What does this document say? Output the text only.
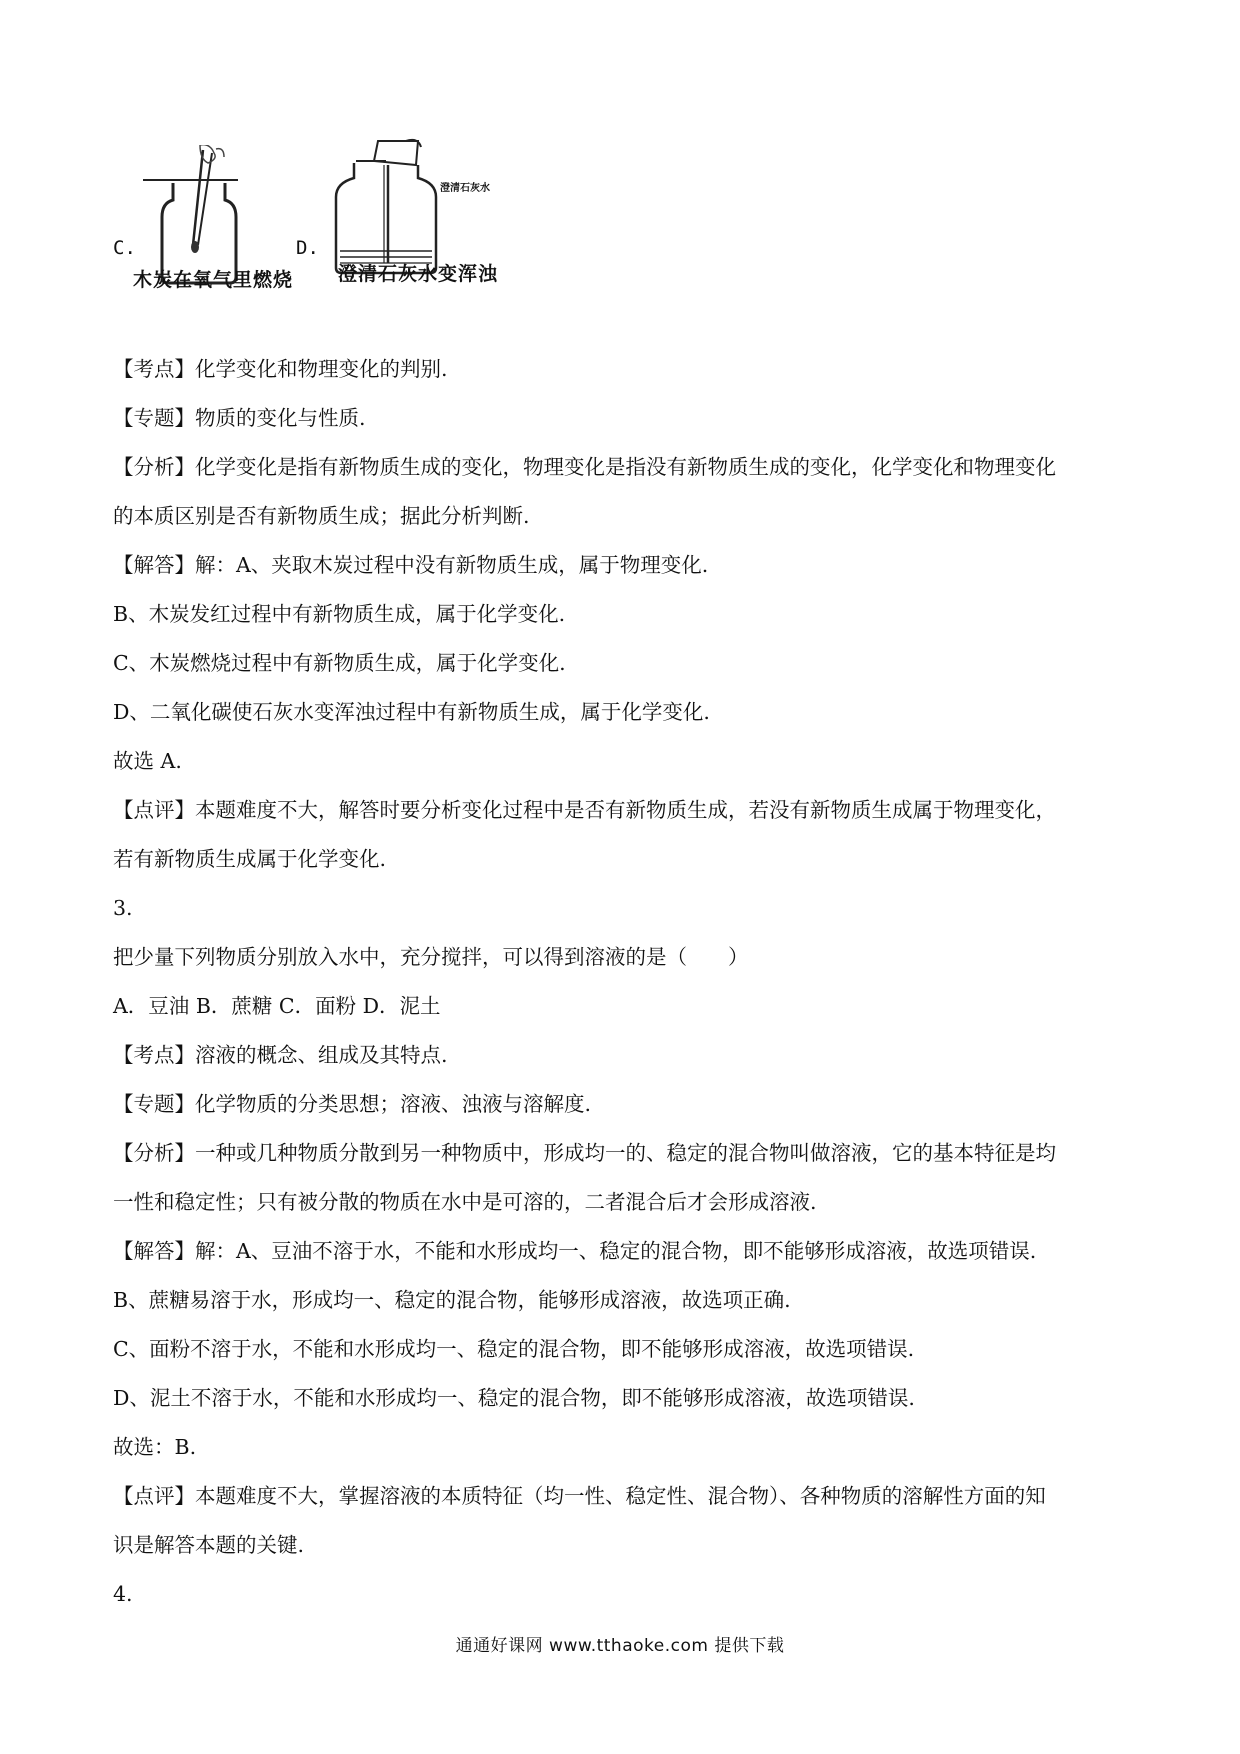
C.
木炭在氧气里燃烧
D.
澄清石灰水
澄清石灰水变浑浊
【考点】化学变化和物理变化的判别.
【专题】物质的变化与性质.
【分析】化学变化是指有新物质生成的变化，物理变化是指没有新物质生成的变化，化学变化和物理变化
的本质区别是否有新物质生成；据此分析判断.
【解答】解：A、夹取木炭过程中没有新物质生成，属于物理变化.
B、木炭发红过程中有新物质生成，属于化学变化.
C、木炭燃烧过程中有新物质生成，属于化学变化.
D、二氧化碳使石灰水变浑浊过程中有新物质生成，属于化学变化.
故选 A.
【点评】本题难度不大，解答时要分析变化过程中是否有新物质生成，若没有新物质生成属于物理变化，
若有新物质生成属于化学变化.
3.
把少量下列物质分别放入水中，充分搅拌，可以得到溶液的是（　　）
A．豆油 B．蔗糖 C．面粉 D．泥土
【考点】溶液的概念、组成及其特点.
【专题】化学物质的分类思想；溶液、浊液与溶解度.
【分析】一种或几种物质分散到另一种物质中，形成均一的、稳定的混合物叫做溶液，它的基本特征是均
一性和稳定性；只有被分散的物质在水中是可溶的，二者混合后才会形成溶液.
【解答】解：A、豆油不溶于水，不能和水形成均一、稳定的混合物，即不能够形成溶液，故选项错误.
B、蔗糖易溶于水，形成均一、稳定的混合物，能够形成溶液，故选项正确.
C、面粉不溶于水，不能和水形成均一、稳定的混合物，即不能够形成溶液，故选项错误.
D、泥土不溶于水，不能和水形成均一、稳定的混合物，即不能够形成溶液，故选项错误.
故选：B.
【点评】本题难度不大，掌握溶液的本质特征（均一性、稳定性、混合物）、各种物质的溶解性方面的知
识是解答本题的关键.
4.
通通好课网 www.tthaoke.com 提供下载
